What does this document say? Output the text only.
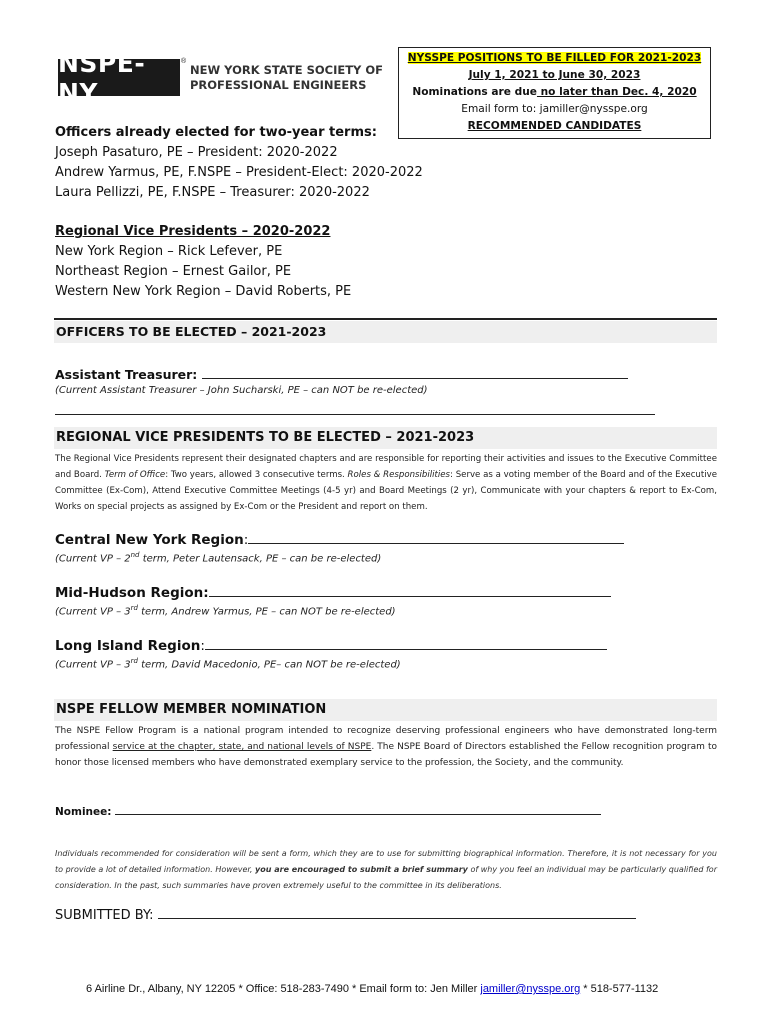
NSPE-NY
®
NEW YORK STATE SOCIETY OF
PROFESSIONAL ENGINEERS
NYSSPE POSITIONS TO BE FILLED FOR 2021-2023
July 1, 2021 to June 30, 2023
Nominations are due no later than Dec. 4, 2020
Email form to: jamiller@nysspe.org
RECOMMENDED CANDIDATES
Officers already elected for two-year terms:
Joseph Pasaturo, PE – President: 2020-2022
Andrew Yarmus, PE, F.NSPE – President-Elect: 2020-2022
Laura Pellizzi, PE, F.NSPE – Treasurer: 2020-2022
Regional Vice Presidents – 2020-2022
New York Region – Rick Lefever, PE
Northeast Region – Ernest Gailor, PE
Western New York Region – David Roberts, PE
OFFICERS TO BE ELECTED – 2021-2023
Assistant Treasurer:
(Current Assistant Treasurer – John Sucharski, PE – can NOT be re-elected)
REGIONAL VICE PRESIDENTS TO BE ELECTED – 2021-2023
The Regional Vice Presidents represent their designated chapters and are responsible for reporting their activities and issues to the Executive Committee and Board. Term of Office: Two years, allowed 3 consecutive terms. Roles & Responsibilities: Serve as a voting member of the Board and of the Executive Committee (Ex-Com), Attend Executive Committee Meetings (4-5 yr) and Board Meetings (2 yr), Communicate with your chapters & report to Ex-Com, Works on special projects as assigned by Ex-Com or the President and report on them.
Central New York Region:
(Current VP – 2nd term, Peter Lautensack, PE – can be re-elected)
Mid-Hudson Region:
(Current VP – 3rd term, Andrew Yarmus, PE – can NOT be re-elected)
Long Island Region:
(Current VP – 3rd term, David Macedonio, PE– can NOT be re-elected)
NSPE FELLOW MEMBER NOMINATION
The NSPE Fellow Program is a national program intended to recognize deserving professional engineers who have demonstrated long-term professional service at the chapter, state, and national levels of NSPE. The NSPE Board of Directors established the Fellow recognition program to honor those licensed members who have demonstrated exemplary service to the profession, the Society, and the community.
Nominee:
Individuals recommended for consideration will be sent a form, which they are to use for submitting biographical information. Therefore, it is not necessary for you to provide a lot of detailed information. However, you are encouraged to submit a brief summary of why you feel an individual may be particularly qualified for consideration. In the past, such summaries have proven extremely useful to the committee in its deliberations.
SUBMITTED BY:
6 Airline Dr., Albany, NY 12205 * Office: 518-283-7490 * Email form to: Jen Miller jamiller@nysspe.org * 518-577-1132
